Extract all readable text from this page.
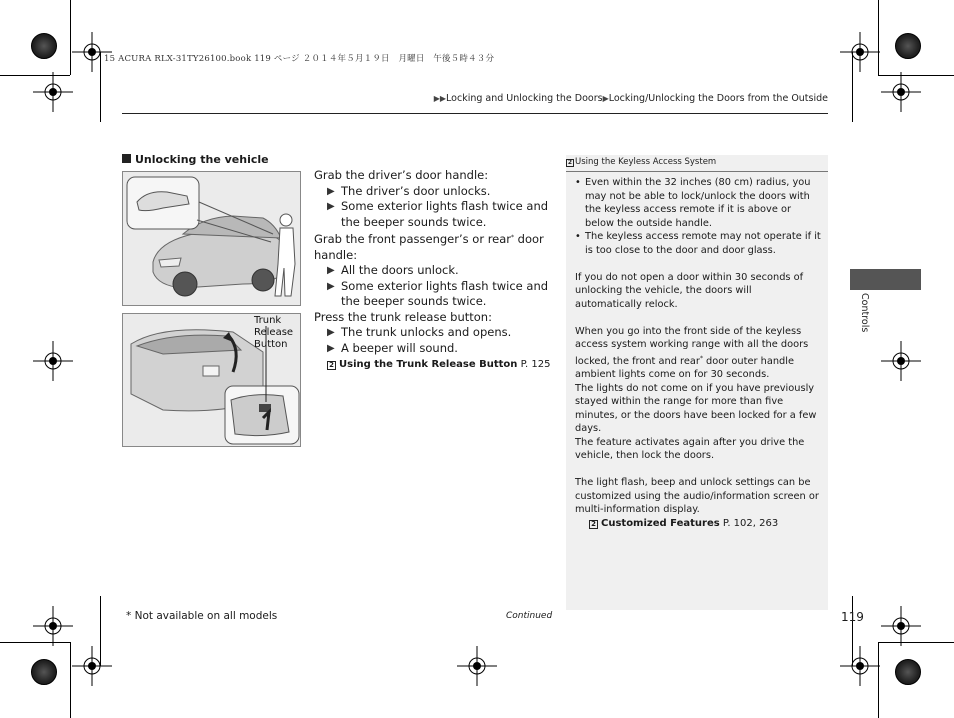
15 ACURA RLX-31TY26100.book 119 ページ ２０１４年５月１９日　月曜日　午後５時４３分
▶▶Locking and Unlocking the Doors▶Locking/Unlocking the Doors from the Outside
Unlocking the vehicle
Trunk
Release
Button

Grab the driver’s door handle:

▶ The driver’s door unlocks.

▶ Some exterior lights flash twice and the beeper sounds twice.

Grab the front passenger’s or rear* door handle:

▶ All the doors unlock.

▶ Some exterior lights flash twice and the beeper sounds twice.

Press the trunk release button:

▶ The trunk unlocks and opens.

▶ A beeper will sound.

2 Using the Trunk Release Button P. 125

2 Using the Keyless Access System
• Even within the 32 inches (80 cm) radius, you may not be able to lock/unlock the doors with the keyless access remote if it is above or below the outside handle.
• The keyless access remote may not operate if it is too close to the door and door glass.

If you do not open a door within 30 seconds of unlocking the vehicle, the doors will automatically relock.

When you go into the front side of the keyless access system working range with all the doors locked, the front and rear* door outer handle ambient lights come on for 30 seconds.

The lights do not come on if you have previously stayed within the range for more than five minutes, or the doors have been locked for a few days.

The feature activates again after you drive the vehicle, then lock the doors.

The light flash, beep and unlock settings can be customized using the audio/information screen or multi-information display.

2 Customized Features P. 102, 263

Controls
* Not available on all models	Continued	119
